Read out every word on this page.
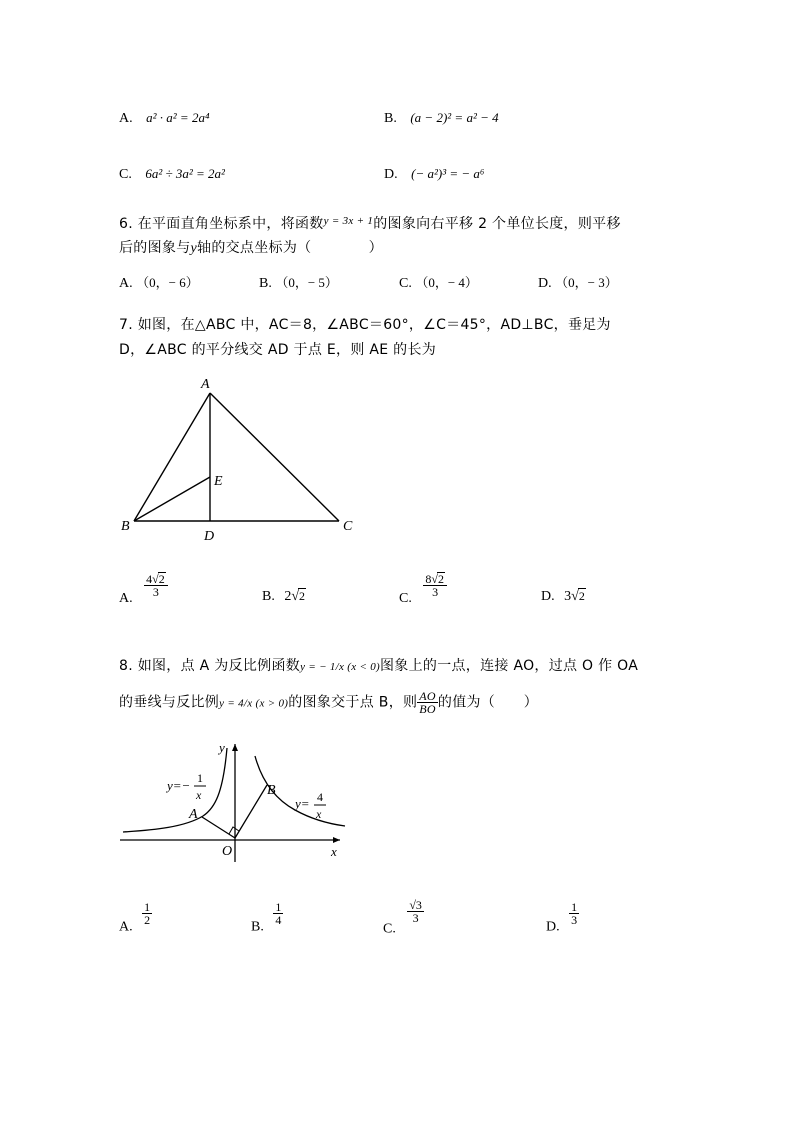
A. a² · a² = 2a⁴	B. (a − 2)² = a² − 4
C. 6a² ÷ 3a² = 2a²	D. (− a²)³ = − a⁶
6. 在平面直角坐标系中，将函数$^{y = 3x + 1}$的图象向右平移 2 个单位长度，则平移
后的图象与y轴的交点坐标为（　　　　）
A. （0，− 6）	B. （0，− 5）	C. （0，− 4）	D. （0，− 3）
7. 如图，在△ABC 中，AC＝8，∠ABC＝60°，∠C＝45°，AD⊥BC，垂足为
D，∠ABC 的平分线交 AD 于点 E，则 AE 的长为
A
B	C
D
E
A.
$\frac{4√2}{3}$	B. 2√2	C.
$\frac{8√2}{3}$	D. 3√2
8. 如图，点 A 为反比例函数y = − 1/x (x < 0)图象上的一点，连接 AO，过点 O 作 OA
的垂线与反比例y = 4/x (x > 0)的图象交于点 B，则 $\frac{AO}{BO}$ 的值为（　　）
y
x
O
A
B
y=− 1
x
y= 4
x
A.
$\frac{1}{2}$
B.
$\frac{1}{4}$
C.
$\frac{√3}{3}$
D.
$\frac{1}{3}$
